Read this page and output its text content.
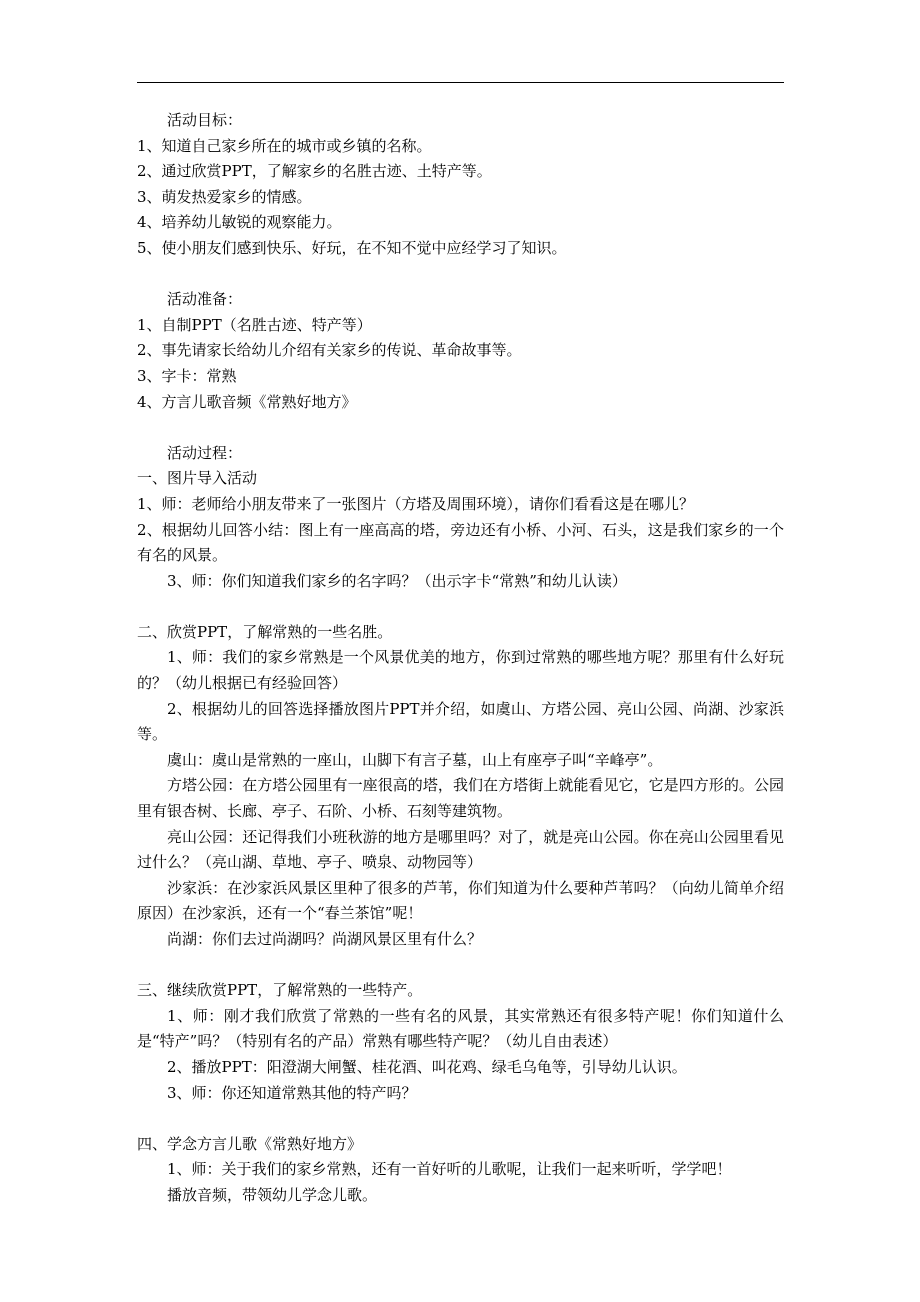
活动目标：

1、知道自己家乡所在的城市或乡镇的名称。

2、通过欣赏PPT，了解家乡的名胜古迹、土特产等。

3、萌发热爱家乡的情感。

4、培养幼儿敏锐的观察能力。

5、使小朋友们感到快乐、好玩，在不知不觉中应经学习了知识。

活动准备：

1、自制PPT（名胜古迹、特产等）

2、事先请家长给幼儿介绍有关家乡的传说、革命故事等。

3、字卡：常熟

4、方言儿歌音频《常熟好地方》

活动过程：

一、图片导入活动

1、师：老师给小朋友带来了一张图片（方塔及周围环境），请你们看看这是在哪儿？

2、根据幼儿回答小结：图上有一座高高的塔，旁边还有小桥、小河、石头，这是我们家乡的一个有名的风景。

3、师：你们知道我们家乡的名字吗？（出示字卡“常熟”和幼儿认读）

二、欣赏PPT，了解常熟的一些名胜。

1、师：我们的家乡常熟是一个风景优美的地方，你到过常熟的哪些地方呢？那里有什么好玩的？（幼儿根据已有经验回答）

2、根据幼儿的回答选择播放图片PPT并介绍，如虞山、方塔公园、亮山公园、尚湖、沙家浜等。

虞山：虞山是常熟的一座山，山脚下有言子墓，山上有座亭子叫“辛峰亭”。

方塔公园：在方塔公园里有一座很高的塔，我们在方塔街上就能看见它，它是四方形的。公园里有银杏树、长廊、亭子、石阶、小桥、石刻等建筑物。

亮山公园：还记得我们小班秋游的地方是哪里吗？对了，就是亮山公园。你在亮山公园里看见过什么？（亮山湖、草地、亭子、喷泉、动物园等）

沙家浜：在沙家浜风景区里种了很多的芦苇，你们知道为什么要种芦苇吗？（向幼儿简单介绍原因）在沙家浜，还有一个“春兰茶馆”呢！

尚湖：你们去过尚湖吗？尚湖风景区里有什么？

三、继续欣赏PPT，了解常熟的一些特产。

1、师：刚才我们欣赏了常熟的一些有名的风景，其实常熟还有很多特产呢！你们知道什么是“特产”吗？（特别有名的产品）常熟有哪些特产呢？（幼儿自由表述）

2、播放PPT：阳澄湖大闸蟹、桂花酒、叫花鸡、绿毛乌龟等，引导幼儿认识。

3、师：你还知道常熟其他的特产吗？

四、学念方言儿歌《常熟好地方》

1、师：关于我们的家乡常熟，还有一首好听的儿歌呢，让我们一起来听听，学学吧！

播放音频，带领幼儿学念儿歌。
